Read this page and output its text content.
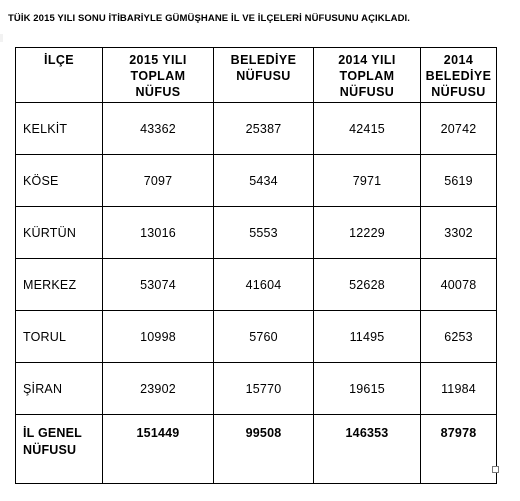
TÜİK 2015 YILI SONU İTİBARİYLE GÜMÜŞHANE İL VE İLÇELERİ NÜFUSUNU AÇIKLADI.
İLÇE	2015 YILI TOPLAM NÜFUS	BELEDİYE NÜFUSU	2014 YILI TOPLAM NÜFUSU	2014 BELEDİYE NÜFUSU
KELKİT	43362	25387	42415	20742
KÖSE	7097	5434	7971	5619
KÜRTÜN	13016	5553	12229	3302
MERKEZ	53074	41604	52628	40078
TORUL	10998	5760	11495	6253
ŞİRAN	23902	15770	19615	11984
İL GENEL NÜFUSU	151449	99508	146353	87978
